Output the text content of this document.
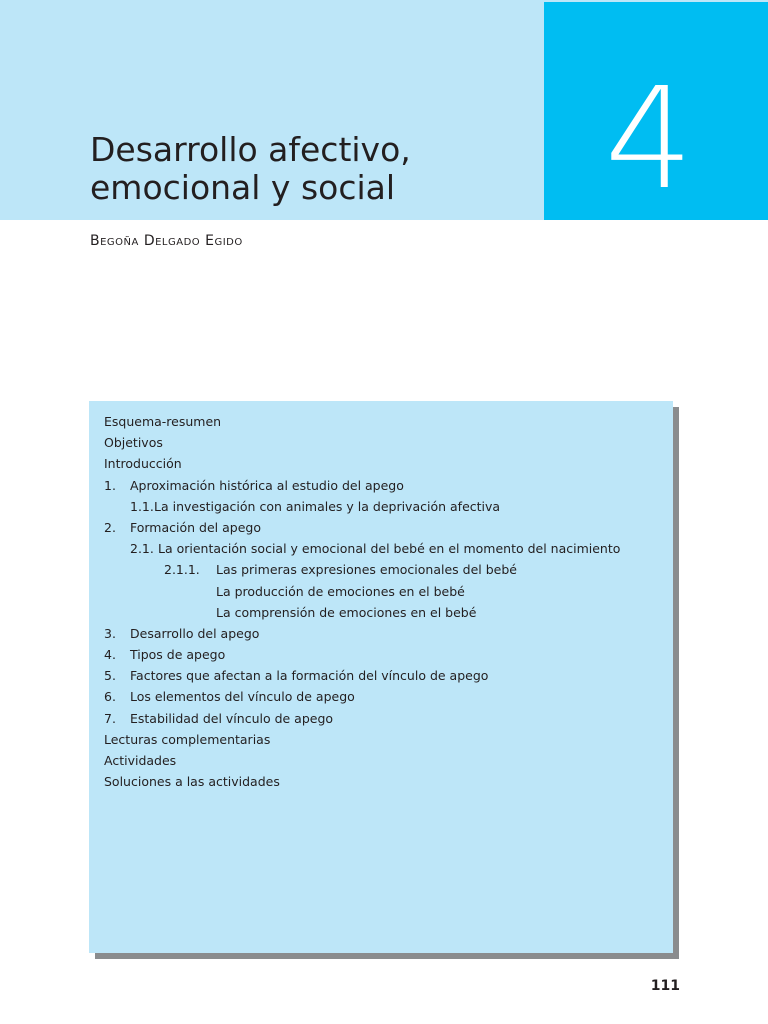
4
Desarrollo afectivo,
emocional y social
Begoña Delgado Egido
Esquema-resumen
Objetivos
Introducción
1. Aproximación histórica al estudio del apego
1.1.La investigación con animales y la deprivación afectiva
2. Formación del apego
2.1. La orientación social y emocional del bebé en el momento del nacimiento
2.1.1. Las primeras expresiones emocionales del bebé
La producción de emociones en el bebé
La comprensión de emociones en el bebé
3. Desarrollo del apego
4. Tipos de apego
5. Factores que afectan a la formación del vínculo de apego
6. Los elementos del vínculo de apego
7. Estabilidad del vínculo de apego
Lecturas complementarias
Actividades
Soluciones a las actividades
111
